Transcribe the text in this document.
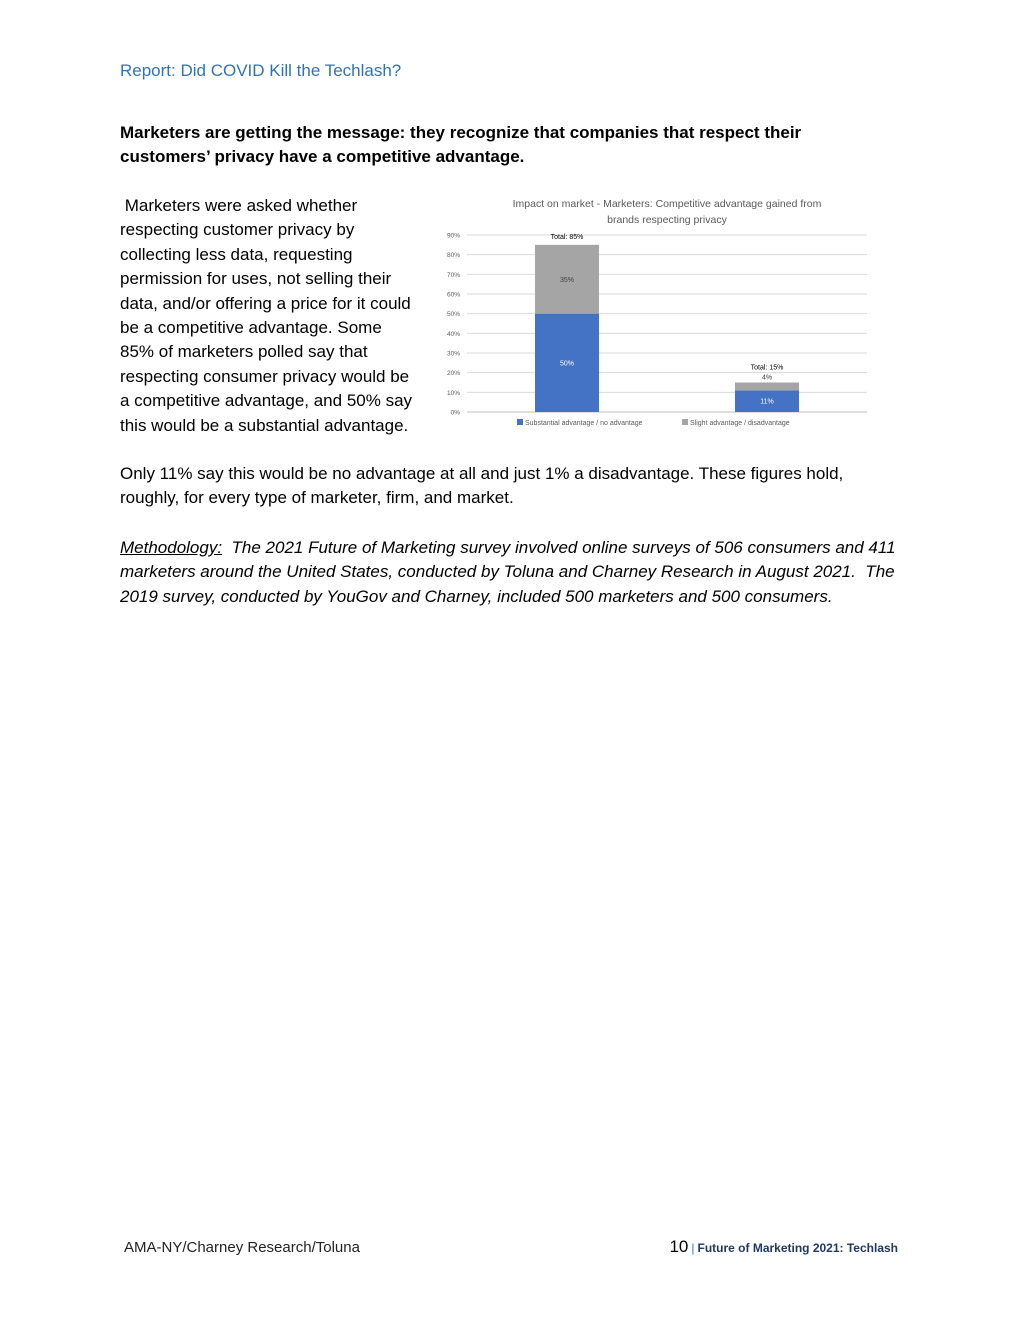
Report: Did COVID Kill the Techlash?
Marketers are getting the message: they recognize that companies that respect their customers’ privacy have a competitive advantage.
Marketers were asked whether respecting customer privacy by collecting less data, requesting permission for uses, not selling their data, and/or offering a price for it could be a competitive advantage. Some 85% of marketers polled say that respecting consumer privacy would be a competitive advantage, and 50% say this would be a substantial advantage.
Impact on market - Marketers: Competitive advantage gained from
brands respecting privacy
0%
10%
20%
30%
40%
50%
60%
70%
80%
90%
50%
35%
Total: 85%
11%
4%
Total: 15%
Substantial advantage / no advantage	Slight advantage / disadvantage
Only 11% say this would be no advantage at all and just 1% a disadvantage. These figures hold, roughly, for every type of marketer, firm, and market.
Methodology:  The 2021 Future of Marketing survey involved online surveys of 506 consumers and 411 marketers around the United States, conducted by Toluna and Charney Research in August 2021.  The 2019 survey, conducted by YouGov and Charney, included 500 marketers and 500 consumers.
AMA-NY/Charney Research/Toluna	10 | Future of Marketing 2021: Techlash
